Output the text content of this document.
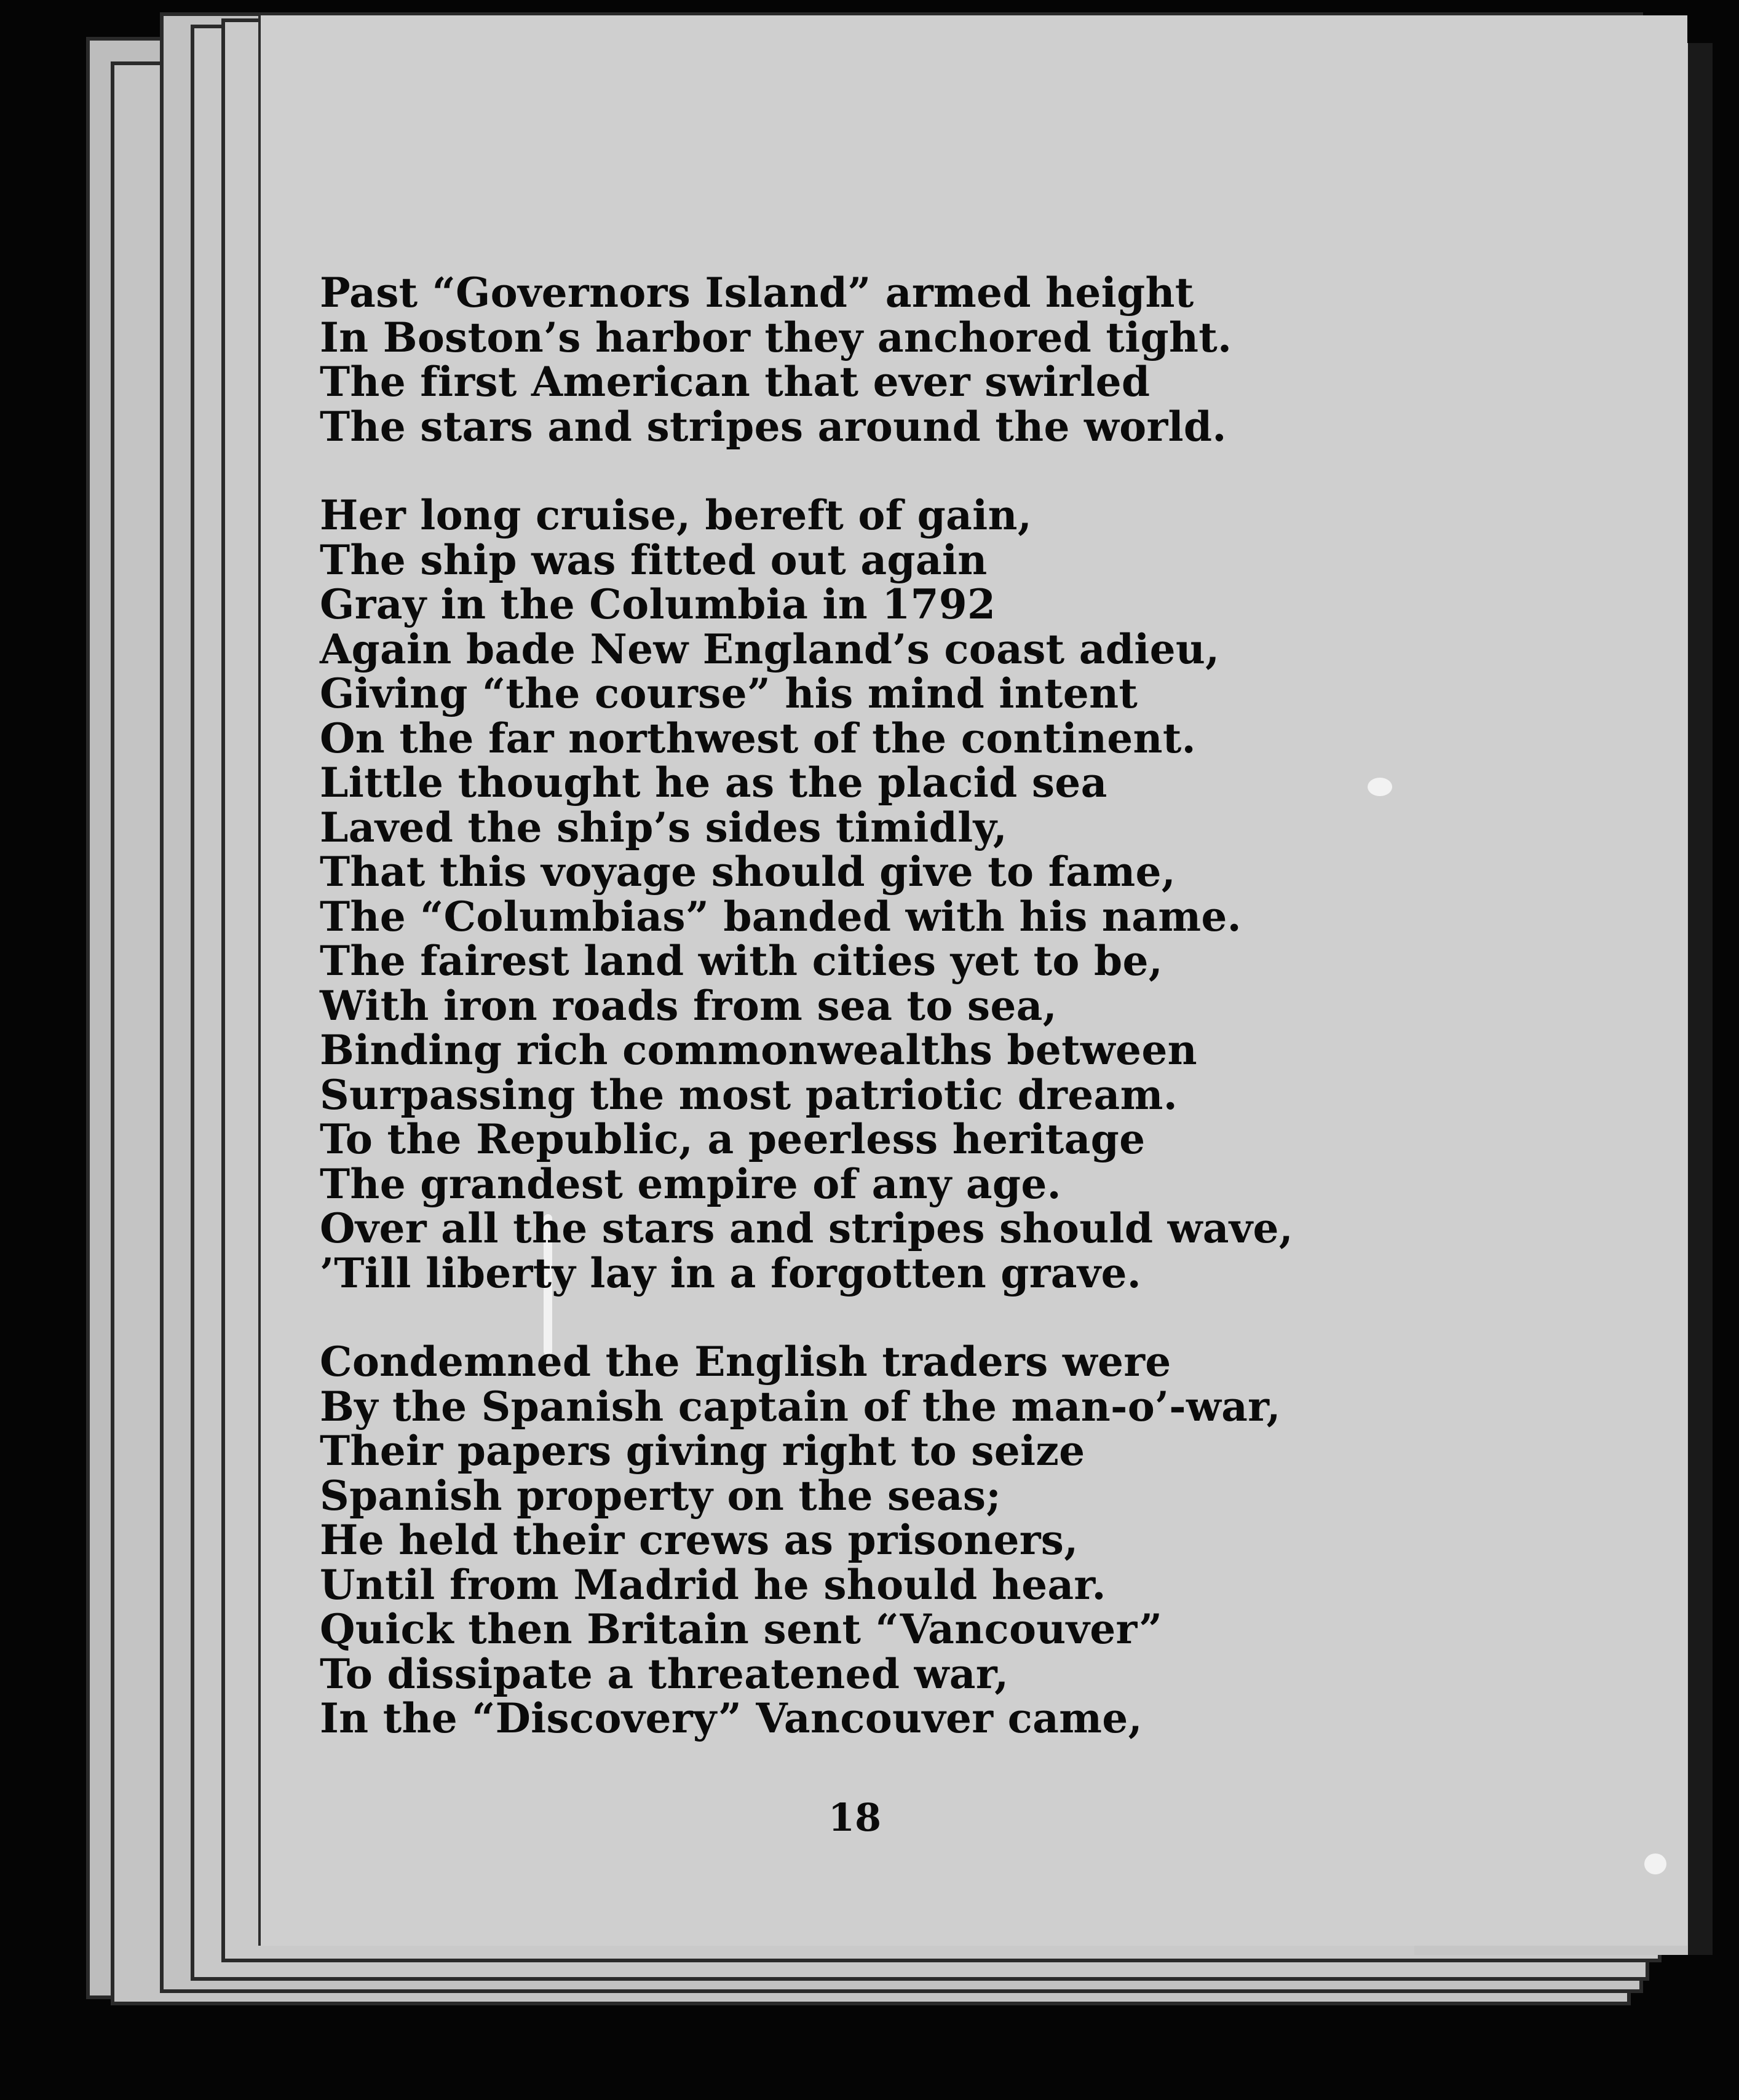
Past “Governors Island” armed height
In Boston’s harbor they anchored tight.
The first American that ever swirled
The stars and stripes around the world.
Her long cruise, bereft of gain,
The ship was fitted out again
Gray in the Columbia in 1792
Again bade New England’s coast adieu,
Giving “the course” his mind intent
On the far northwest of the continent.
Little thought he as the placid sea
Laved the ship’s sides timidly,
That this voyage should give to fame,
The “Columbias” banded with his name.
The fairest land with cities yet to be,
With iron roads from sea to sea,
Binding rich commonwealths between
Surpassing the most patriotic dream.
To the Republic, a peerless heritage
The grandest empire of any age.
Over all the stars and stripes should wave,
’Till liberty lay in a forgotten grave.
Condemned the English traders were
By the Spanish captain of the man-o’-war,
Their papers giving right to seize
Spanish property on the seas;
He held their crews as prisoners,
Until from Madrid he should hear.
Quick then Britain sent “Vancouver”
To dissipate a threatened war,
In the “Discovery” Vancouver came,
18
